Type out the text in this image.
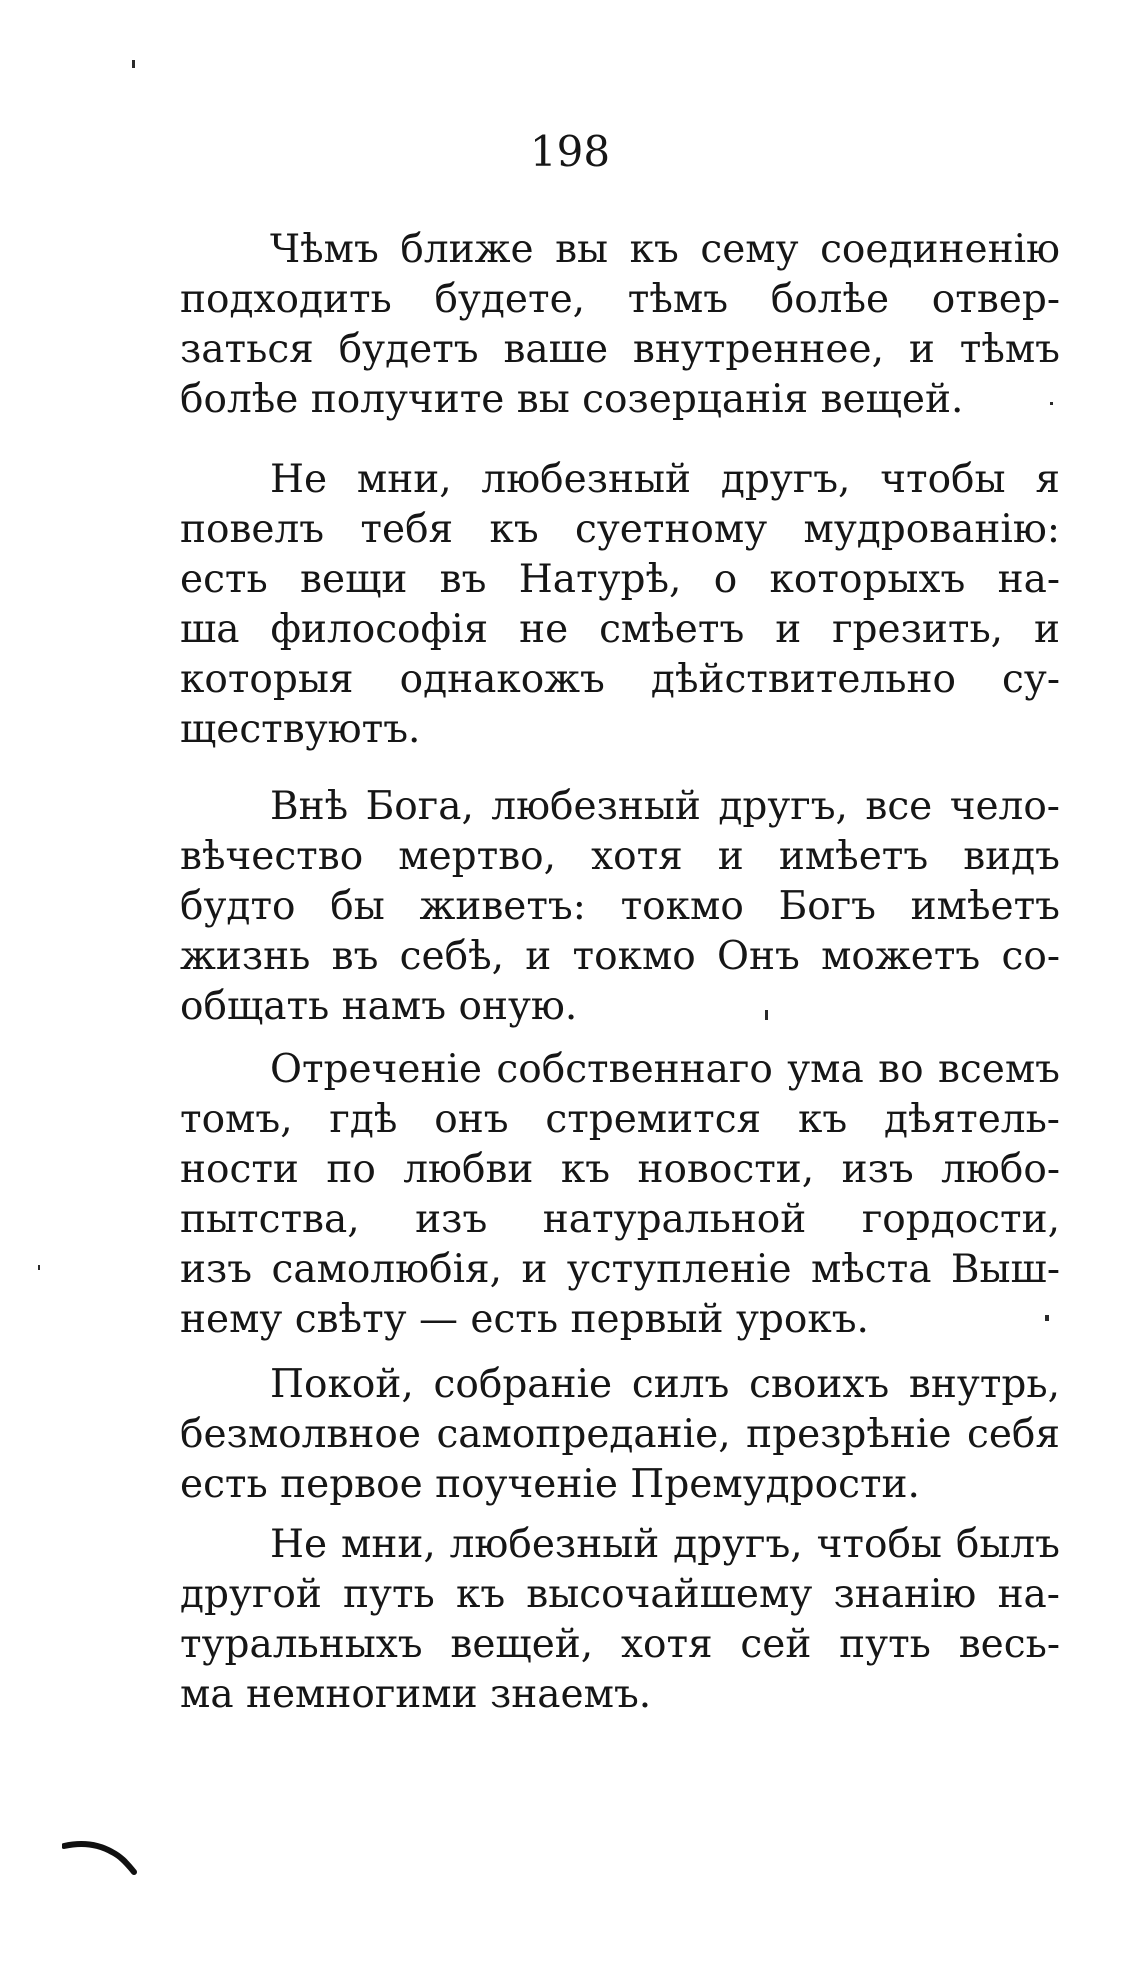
198
Чѣмъ ближе вы къ сему соединенію
подходить будете, тѣмъ болѣе отвер-
заться будетъ ваше внутреннее, и тѣмъ
болѣе получите вы созерцанія вещей.
Не мни, любезный другъ, чтобы я
повелъ тебя къ суетному мудрованію:
есть вещи въ Натурѣ, о которыхъ на-
ша философія не смѣетъ и грезить, и
которыя однакожъ дѣйствительно су-
ществуютъ.
Внѣ Бога, любезный другъ, все чело-
вѣчество мертво, хотя и имѣетъ видъ
будто бы живетъ: токмо Богъ имѣетъ
жизнь въ себѣ, и токмо Онъ можетъ со-
общать намъ оную.
Отреченіе собственнаго ума во всемъ
томъ, гдѣ онъ стремится къ дѣятель-
ности по любви къ новости, изъ любо-
пытства, изъ натуральной гордости,
изъ самолюбія, и уступленіе мѣста Выш-
нему свѣту — есть первый урокъ.
Покой, собраніе силъ своихъ внутрь,
безмолвное самопреданіе, презрѣніе себя
есть первое поученіе Премудрости.
Не мни, любезный другъ, чтобы былъ
другой путь къ высочайшему знанію на-
туральныхъ вещей, хотя сей путь весь-
ма немногими знаемъ.
